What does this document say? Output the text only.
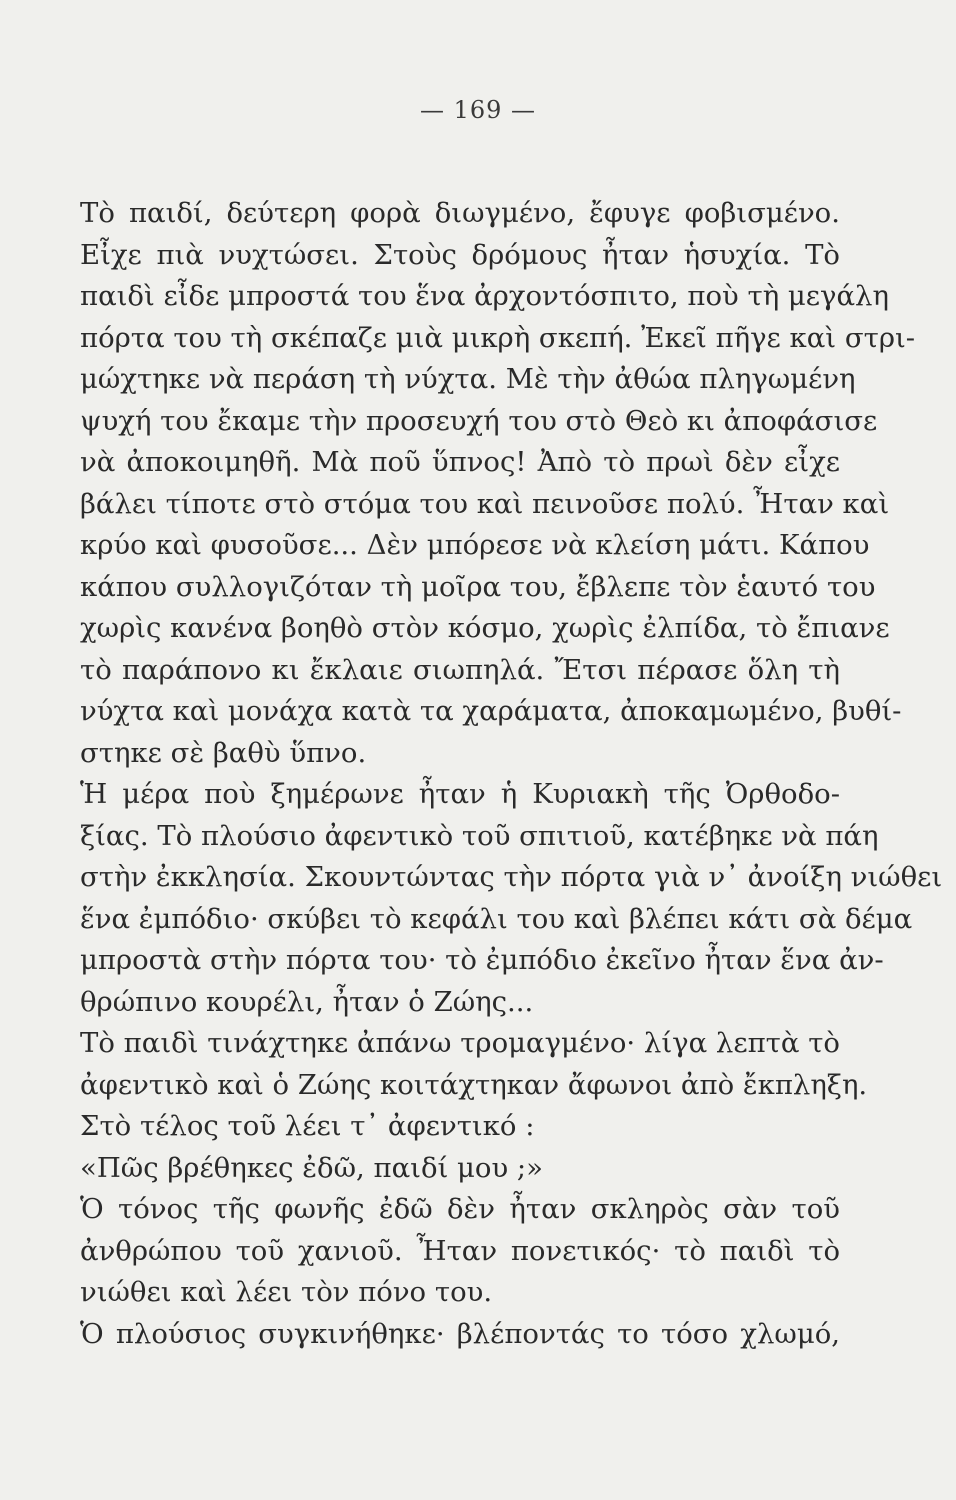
— 169 —
Τὸ παιδί, δεύτερη φορὰ διωγμένο, ἔφυγε φοβισμένο.
Εἶχε πιὰ νυχτώσει. Στοὺς δρόμους ἦταν ἡσυχία. Τὸ
παιδὶ εἶδε μπροστά του ἕνα ἀρχοντόσπιτο, ποὺ τὴ μεγάλη
πόρτα του τὴ σκέπαζε μιὰ μικρὴ σκεπή. Ἐκεῖ πῆγε καὶ στρι-
μώχτηκε νὰ περάση τὴ νύχτα. Μὲ τὴν ἀθώα πληγωμένη
ψυχή του ἔκαμε τὴν προσευχή του στὸ Θεὸ κι ἀποφάσισε
νὰ ἀποκοιμηθῆ. Μὰ ποῦ ὕπνος! Ἀπὸ τὸ πρωὶ δὲν εἶχε
βάλει τίποτε στὸ στόμα του καὶ πεινοῦσε πολύ. Ἦταν καὶ
κρύο καὶ φυσοῦσε... Δὲν μπόρεσε νὰ κλείση μάτι. Κάπου
κάπου συλλογιζόταν τὴ μοῖρα του, ἔβλεπε τὸν ἑαυτό του
χωρὶς κανένα βοηθὸ στὸν κόσμο, χωρὶς ἐλπίδα, τὸ ἔπιανε
τὸ παράπονο κι ἔκλαιε σιωπηλά. Ἔτσι πέρασε ὅλη τὴ
νύχτα καὶ μονάχα κατὰ τα χαράματα, ἀποκαμωμένο, βυθί-
στηκε σὲ βαθὺ ὕπνο.
Ἡ μέρα ποὺ ξημέρωνε ἦταν ἡ Κυριακὴ τῆς Ὀρθοδο-
ξίας. Τὸ πλούσιο ἀφεντικὸ τοῦ σπιτιοῦ, κατέβηκε νὰ πάη
στὴν ἐκκλησία. Σκουντώντας τὴν πόρτα γιὰ ν᾿ ἀνοίξη νιώθει
ἕνα ἐμπόδιο· σκύβει τὸ κεφάλι του καὶ βλέπει κάτι σὰ δέμα
μπροστὰ στὴν πόρτα του· τὸ ἐμπόδιο ἐκεῖνο ἦταν ἕνα ἀν-
θρώπινο κουρέλι, ἦταν ὁ Ζώης...
Τὸ παιδὶ τινάχτηκε ἀπάνω τρομαγμένο· λίγα λεπτὰ τὸ
ἀφεντικὸ καὶ ὁ Ζώης κοιτάχτηκαν ἄφωνοι ἀπὸ ἔκπληξη.
Στὸ τέλος τοῦ λέει τ᾿ ἀφεντικό :
«Πῶς βρέθηκες ἐδῶ, παιδί μου ;»
Ὁ τόνος τῆς φωνῆς ἐδῶ δὲν ἦταν σκληρὸς σὰν τοῦ
ἀνθρώπου τοῦ χανιοῦ. Ἦταν πονετικός· τὸ παιδὶ τὸ
νιώθει καὶ λέει τὸν πόνο του.
Ὁ πλούσιος συγκινήθηκε· βλέποντάς το τόσο χλωμό,
